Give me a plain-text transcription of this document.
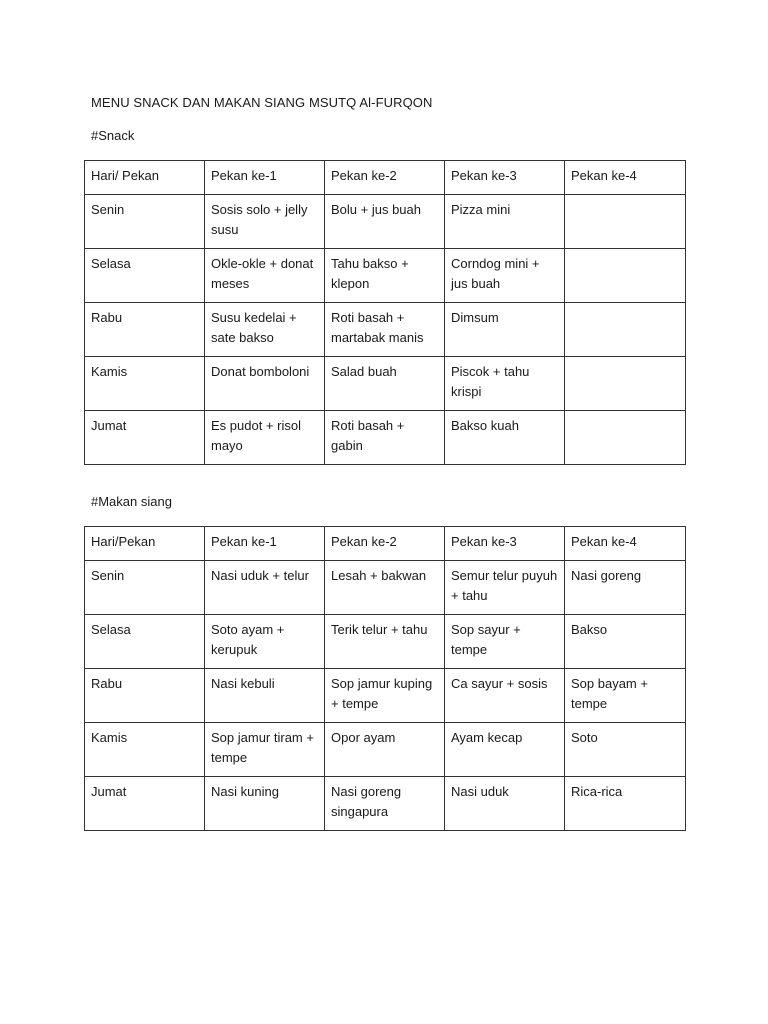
MENU SNACK DAN MAKAN SIANG MSUTQ Al-FURQON
#Snack
Hari/ Pekan	Pekan ke-1	Pekan ke-2	Pekan ke-3	Pekan ke-4
Senin	Sosis solo + jelly susu	Bolu + jus buah	Pizza mini	
Selasa	Okle-okle + donat meses	Tahu bakso + klepon	Corndog mini + jus buah	
Rabu	Susu kedelai + sate bakso	Roti basah + martabak manis	Dimsum	
Kamis	Donat bomboloni	Salad buah	Piscok + tahu krispi	
Jumat	Es pudot + risol mayo	Roti basah + gabin	Bakso kuah	
#Makan siang
Hari/Pekan	Pekan ke-1	Pekan ke-2	Pekan ke-3	Pekan ke-4
Senin	Nasi uduk + telur	Lesah + bakwan	Semur telur puyuh + tahu	Nasi goreng
Selasa	Soto ayam + kerupuk	Terik telur + tahu	Sop sayur + tempe	Bakso
Rabu	Nasi kebuli	Sop jamur kuping + tempe	Ca sayur + sosis	Sop bayam + tempe
Kamis	Sop jamur tiram + tempe	Opor ayam	Ayam kecap	Soto
Jumat	Nasi kuning	Nasi goreng singapura	Nasi uduk	Rica-rica
